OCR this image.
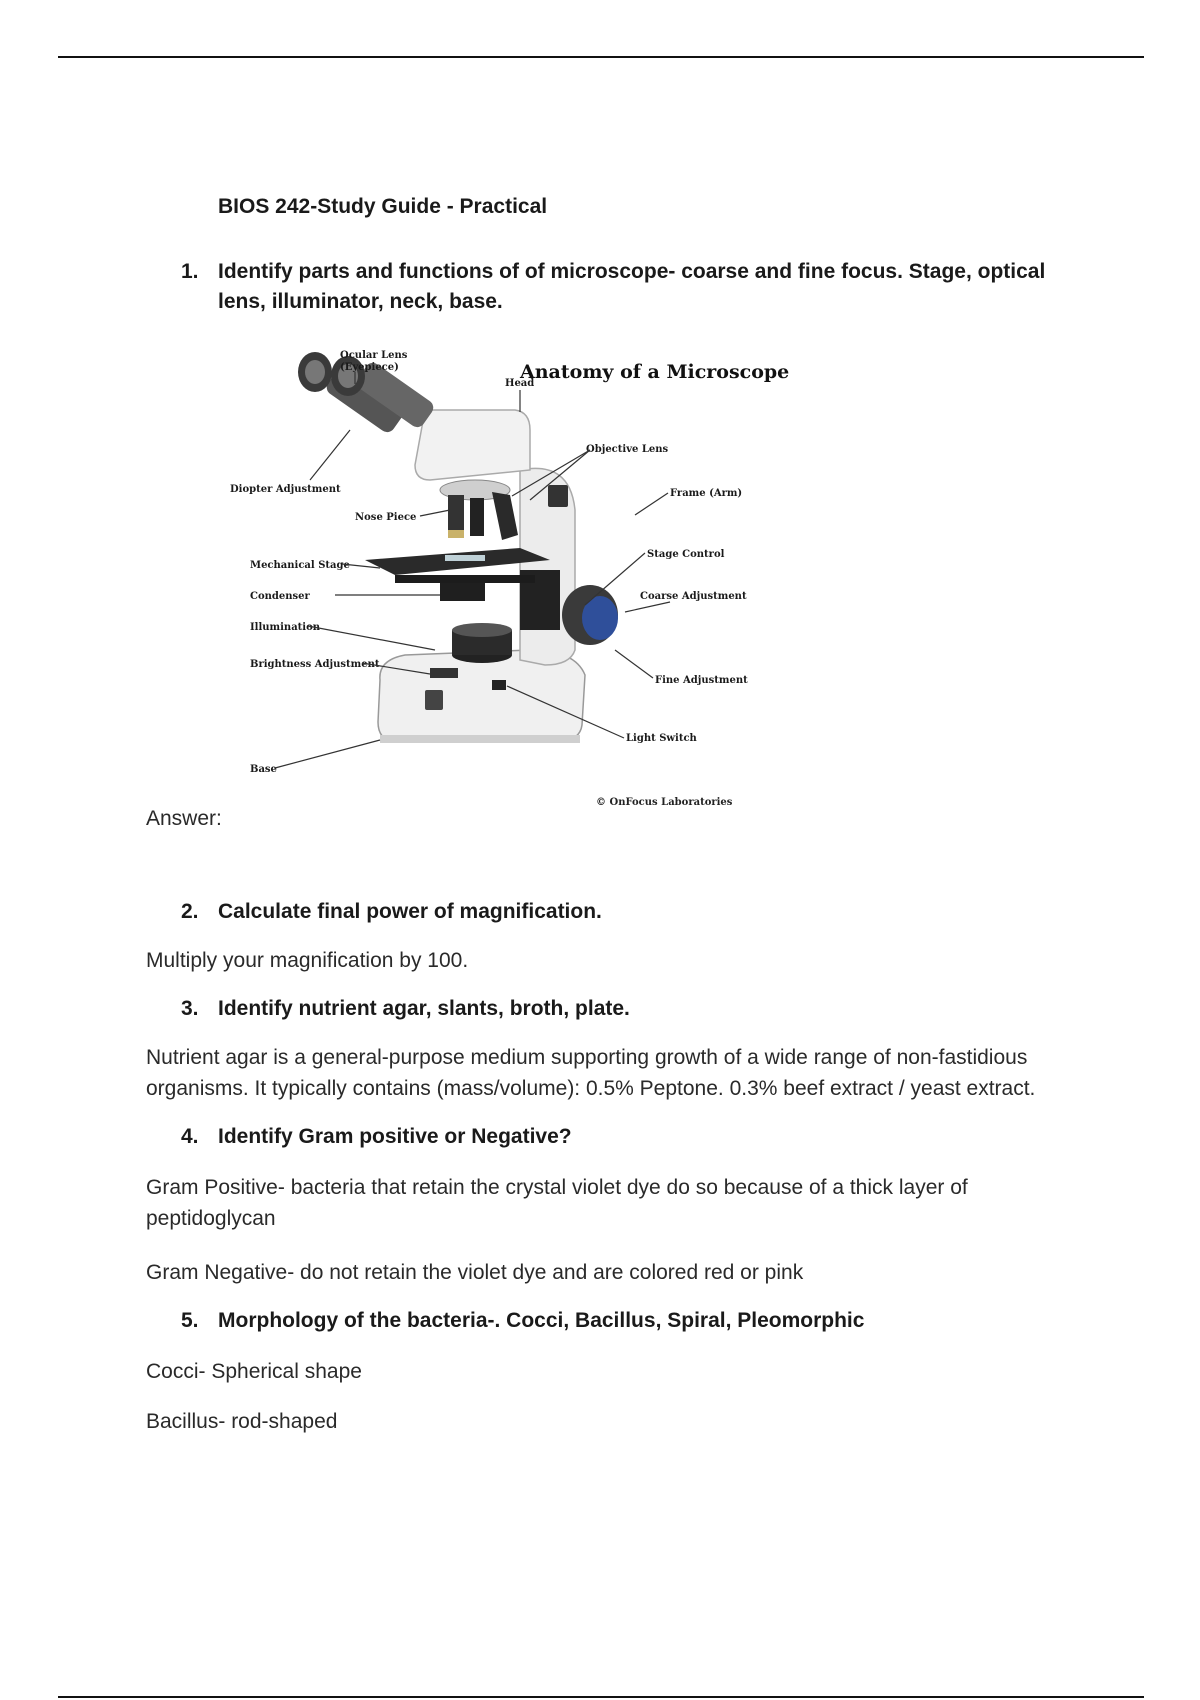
BIOS 242-Study Guide - Practical
1. Identify parts and functions of of microscope- coarse and fine focus. Stage, optical lens, illuminator, neck, base.
Anatomy of a Microscope
Ocular Lens
(Eyepiece)
Head
Objective Lens
Diopter Adjustment	Frame (Arm)
Nose Piece
Mechanical Stage
Stage Control
Condenser	Coarse Adjustment
Illumination
Brightness Adjustment
Fine Adjustment
Light Switch
Base
© OnFocus Laboratories
Answer:
2. Calculate final power of magnification.
Multiply your magnification by 100.
3. Identify nutrient agar, slants, broth, plate.
Nutrient agar is a general-purpose medium supporting growth of a wide range of non-fastidious organisms. It typically contains (mass/volume): 0.5% Peptone. 0.3% beef extract / yeast extract.
4. Identify Gram positive or Negative?
Gram Positive- bacteria that retain the crystal violet dye do so because of a thick layer of peptidoglycan
Gram Negative- do not retain the violet dye and are colored red or pink
5. Morphology of the bacteria-. Cocci, Bacillus, Spiral, Pleomorphic
Cocci- Spherical shape
Bacillus- rod-shaped
